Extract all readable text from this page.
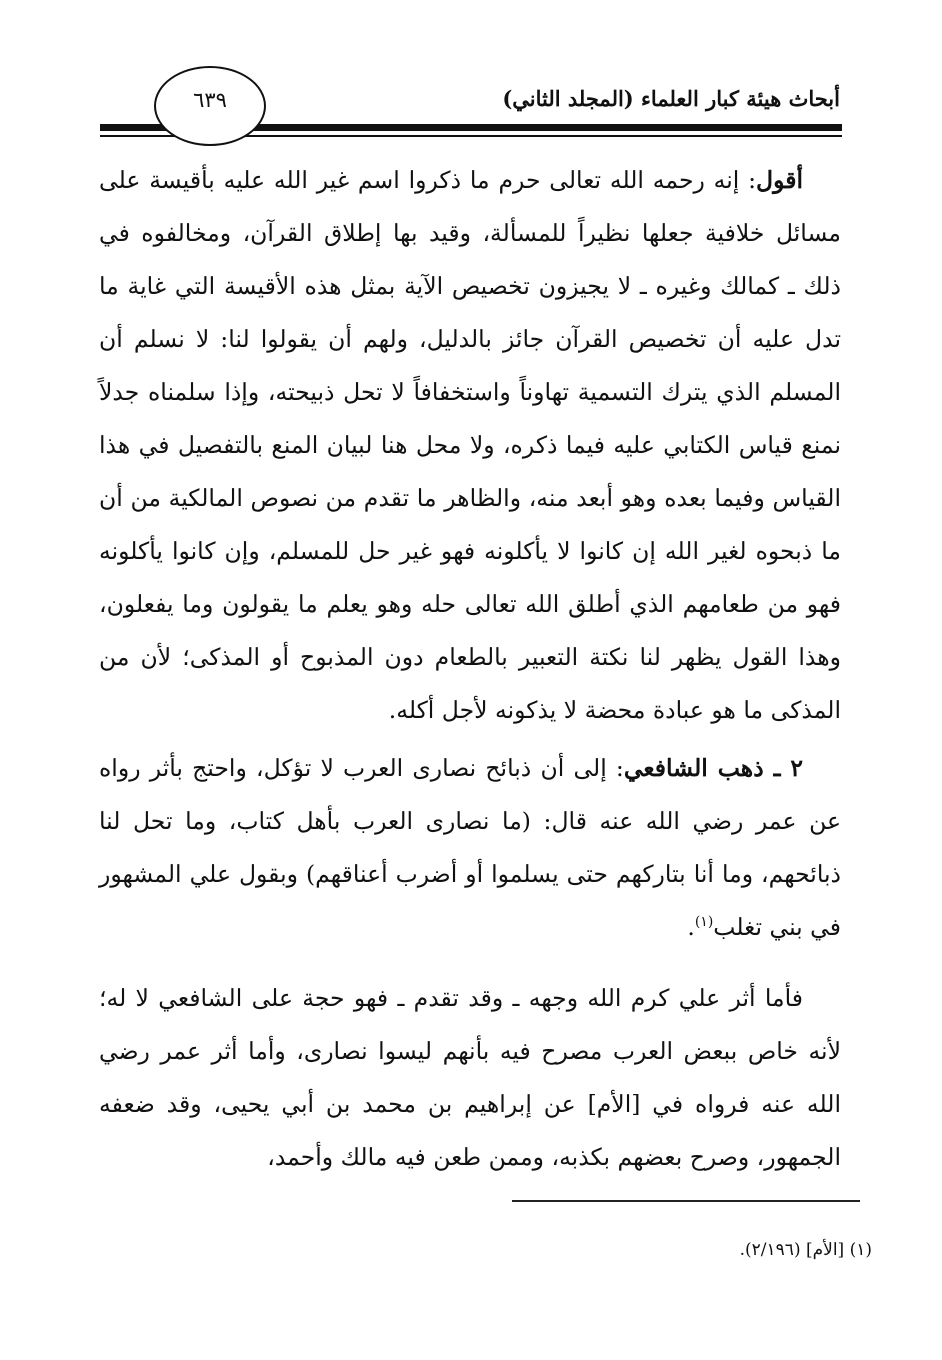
أبحاث هيئة كبار العلماء (المجلد الثاني)
٦٣٩

أقول: إنه رحمه الله تعالى حرم ما ذكروا اسم غير الله عليه بأقيسة على مسائل خلافية جعلها نظيراً للمسألة، وقيد بها إطلاق القرآن، ومخالفوه في ذلك ـ كمالك وغيره ـ لا يجيزون تخصيص الآية بمثل هذه الأقيسة التي غاية ما تدل عليه أن تخصيص القرآن جائز بالدليل، ولهم أن يقولوا لنا: لا نسلم أن المسلم الذي يترك التسمية تهاوناً واستخفافاً لا تحل ذبيحته، وإذا سلمناه جدلاً نمنع قياس الكتابي عليه فيما ذكره، ولا محل هنا لبيان المنع بالتفصيل في هذا القياس وفيما بعده وهو أبعد منه، والظاهر ما تقدم من نصوص المالكية من أن ما ذبحوه لغير الله إن كانوا لا يأكلونه فهو غير حل للمسلم، وإن كانوا يأكلونه فهو من طعامهم الذي أطلق الله تعالى حله وهو يعلم ما يقولون وما يفعلون، وهذا القول يظهر لنا نكتة التعبير بالطعام دون المذبوح أو المذكى؛ لأن من المذكى ما هو عبادة محضة لا يذكونه لأجل أكله.

٢ ـ ذهب الشافعي: إلى أن ذبائح نصارى العرب لا تؤكل، واحتج بأثر رواه عن عمر رضي الله عنه قال: (ما نصارى العرب بأهل كتاب، وما تحل لنا ذبائحهم، وما أنا بتاركهم حتى يسلموا أو أضرب أعناقهم) وبقول علي المشهور في بني تغلب$^{(١)}$.

فأما أثر علي كرم الله وجهه ـ وقد تقدم ـ فهو حجة على الشافعي لا له؛ لأنه خاص ببعض العرب مصرح فيه بأنهم ليسوا نصارى، وأما أثر عمر رضي الله عنه فرواه في [الأم] عن إبراهيم بن محمد بن أبي يحيى، وقد ضعفه الجمهور، وصرح بعضهم بكذبه، وممن طعن فيه مالك وأحمد،

(١) [الأم] (٢/١٩٦).
